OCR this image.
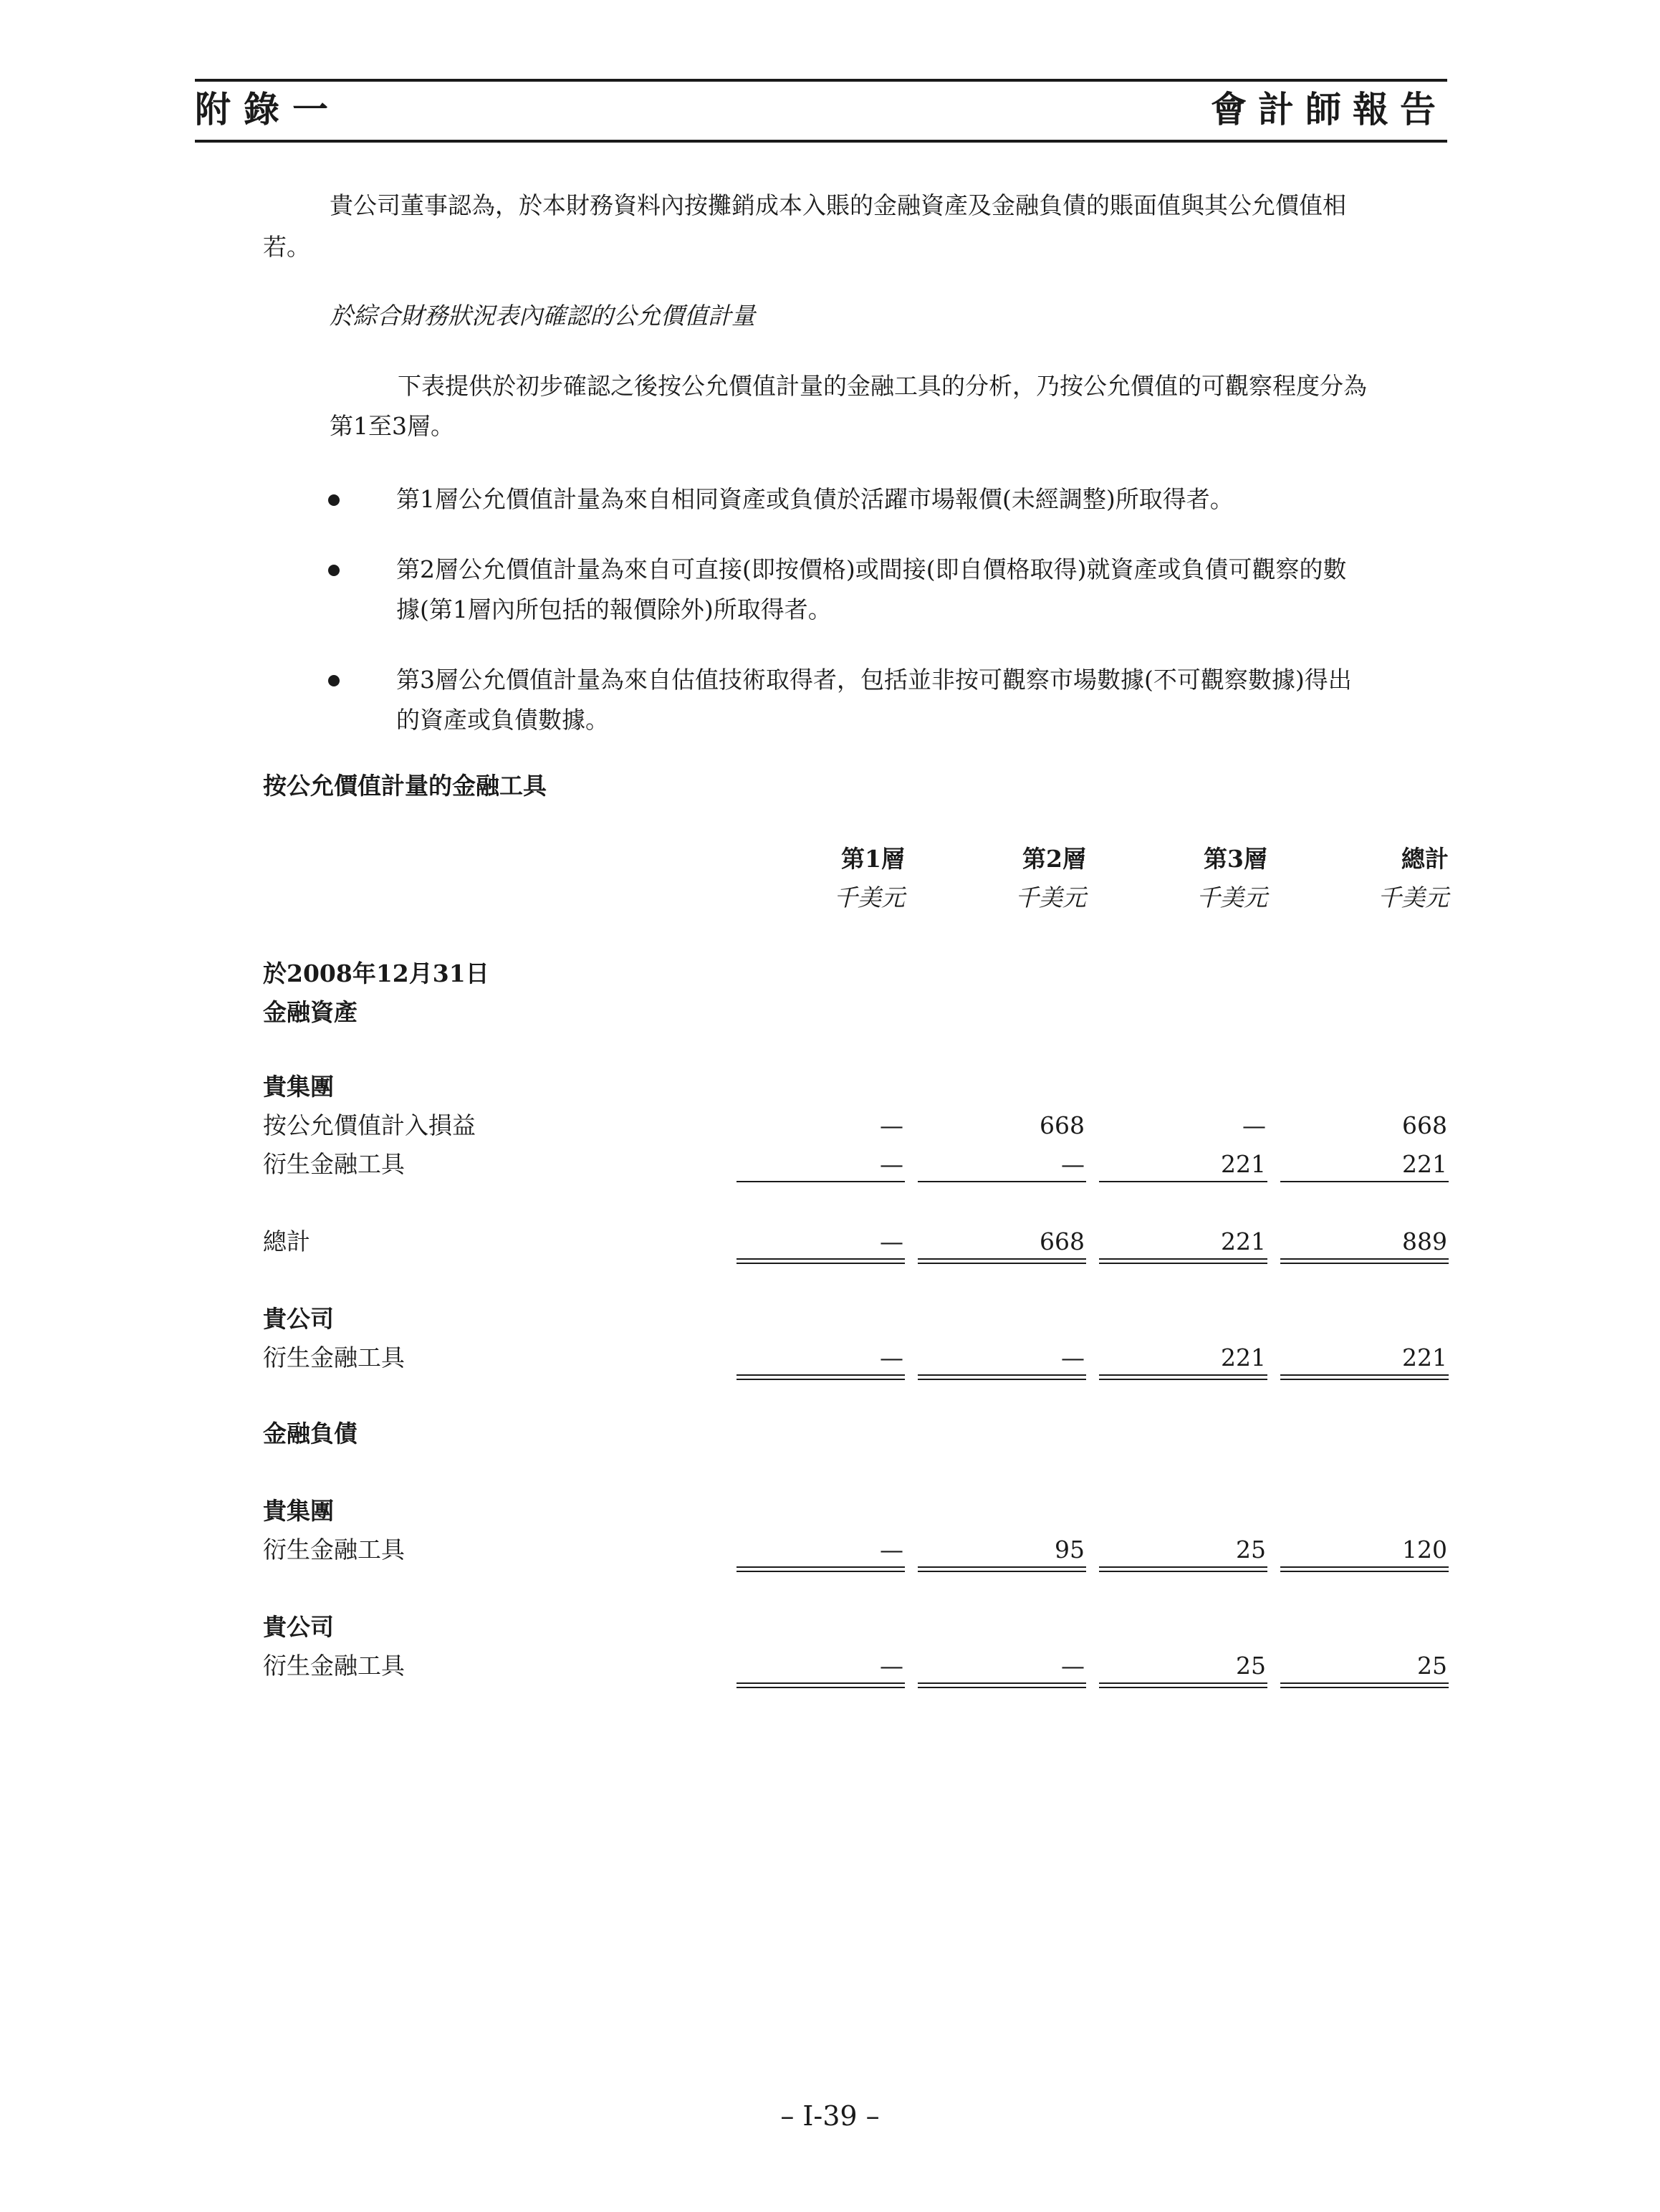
附錄一	會計師報告
貴公司董事認為，於本財務資料內按攤銷成本入賬的金融資產及金融負債的賬面值與其公允價值相
若。
於綜合財務狀況表內確認的公允價值計量
下表提供於初步確認之後按公允價值計量的金融工具的分析，乃按公允價值的可觀察程度分為
第1至3層。
第1層公允價值計量為來自相同資產或負債於活躍市場報價(未經調整)所取得者。
第2層公允價值計量為來自可直接(即按價格)或間接(即自價格取得)就資產或負債可觀察的數
據(第1層內所包括的報價除外)所取得者。
第3層公允價值計量為來自估值技術取得者，包括並非按可觀察市場數據(不可觀察數據)得出
的資產或負債數據。
按公允價值計量的金融工具
第1層	第2層	第3層	總計
千美元	千美元	千美元	千美元
於2008年12月31日
金融資產
貴集團
按公允價值計入損益	—	668	—	668
衍生金融工具	—	—	221	221
總計	—	668	221	889
貴公司
衍生金融工具	—	—	221	221
金融負債
貴集團
衍生金融工具	—	95	25	120
貴公司
衍生金融工具	—	—	25	25
– I-39 –
